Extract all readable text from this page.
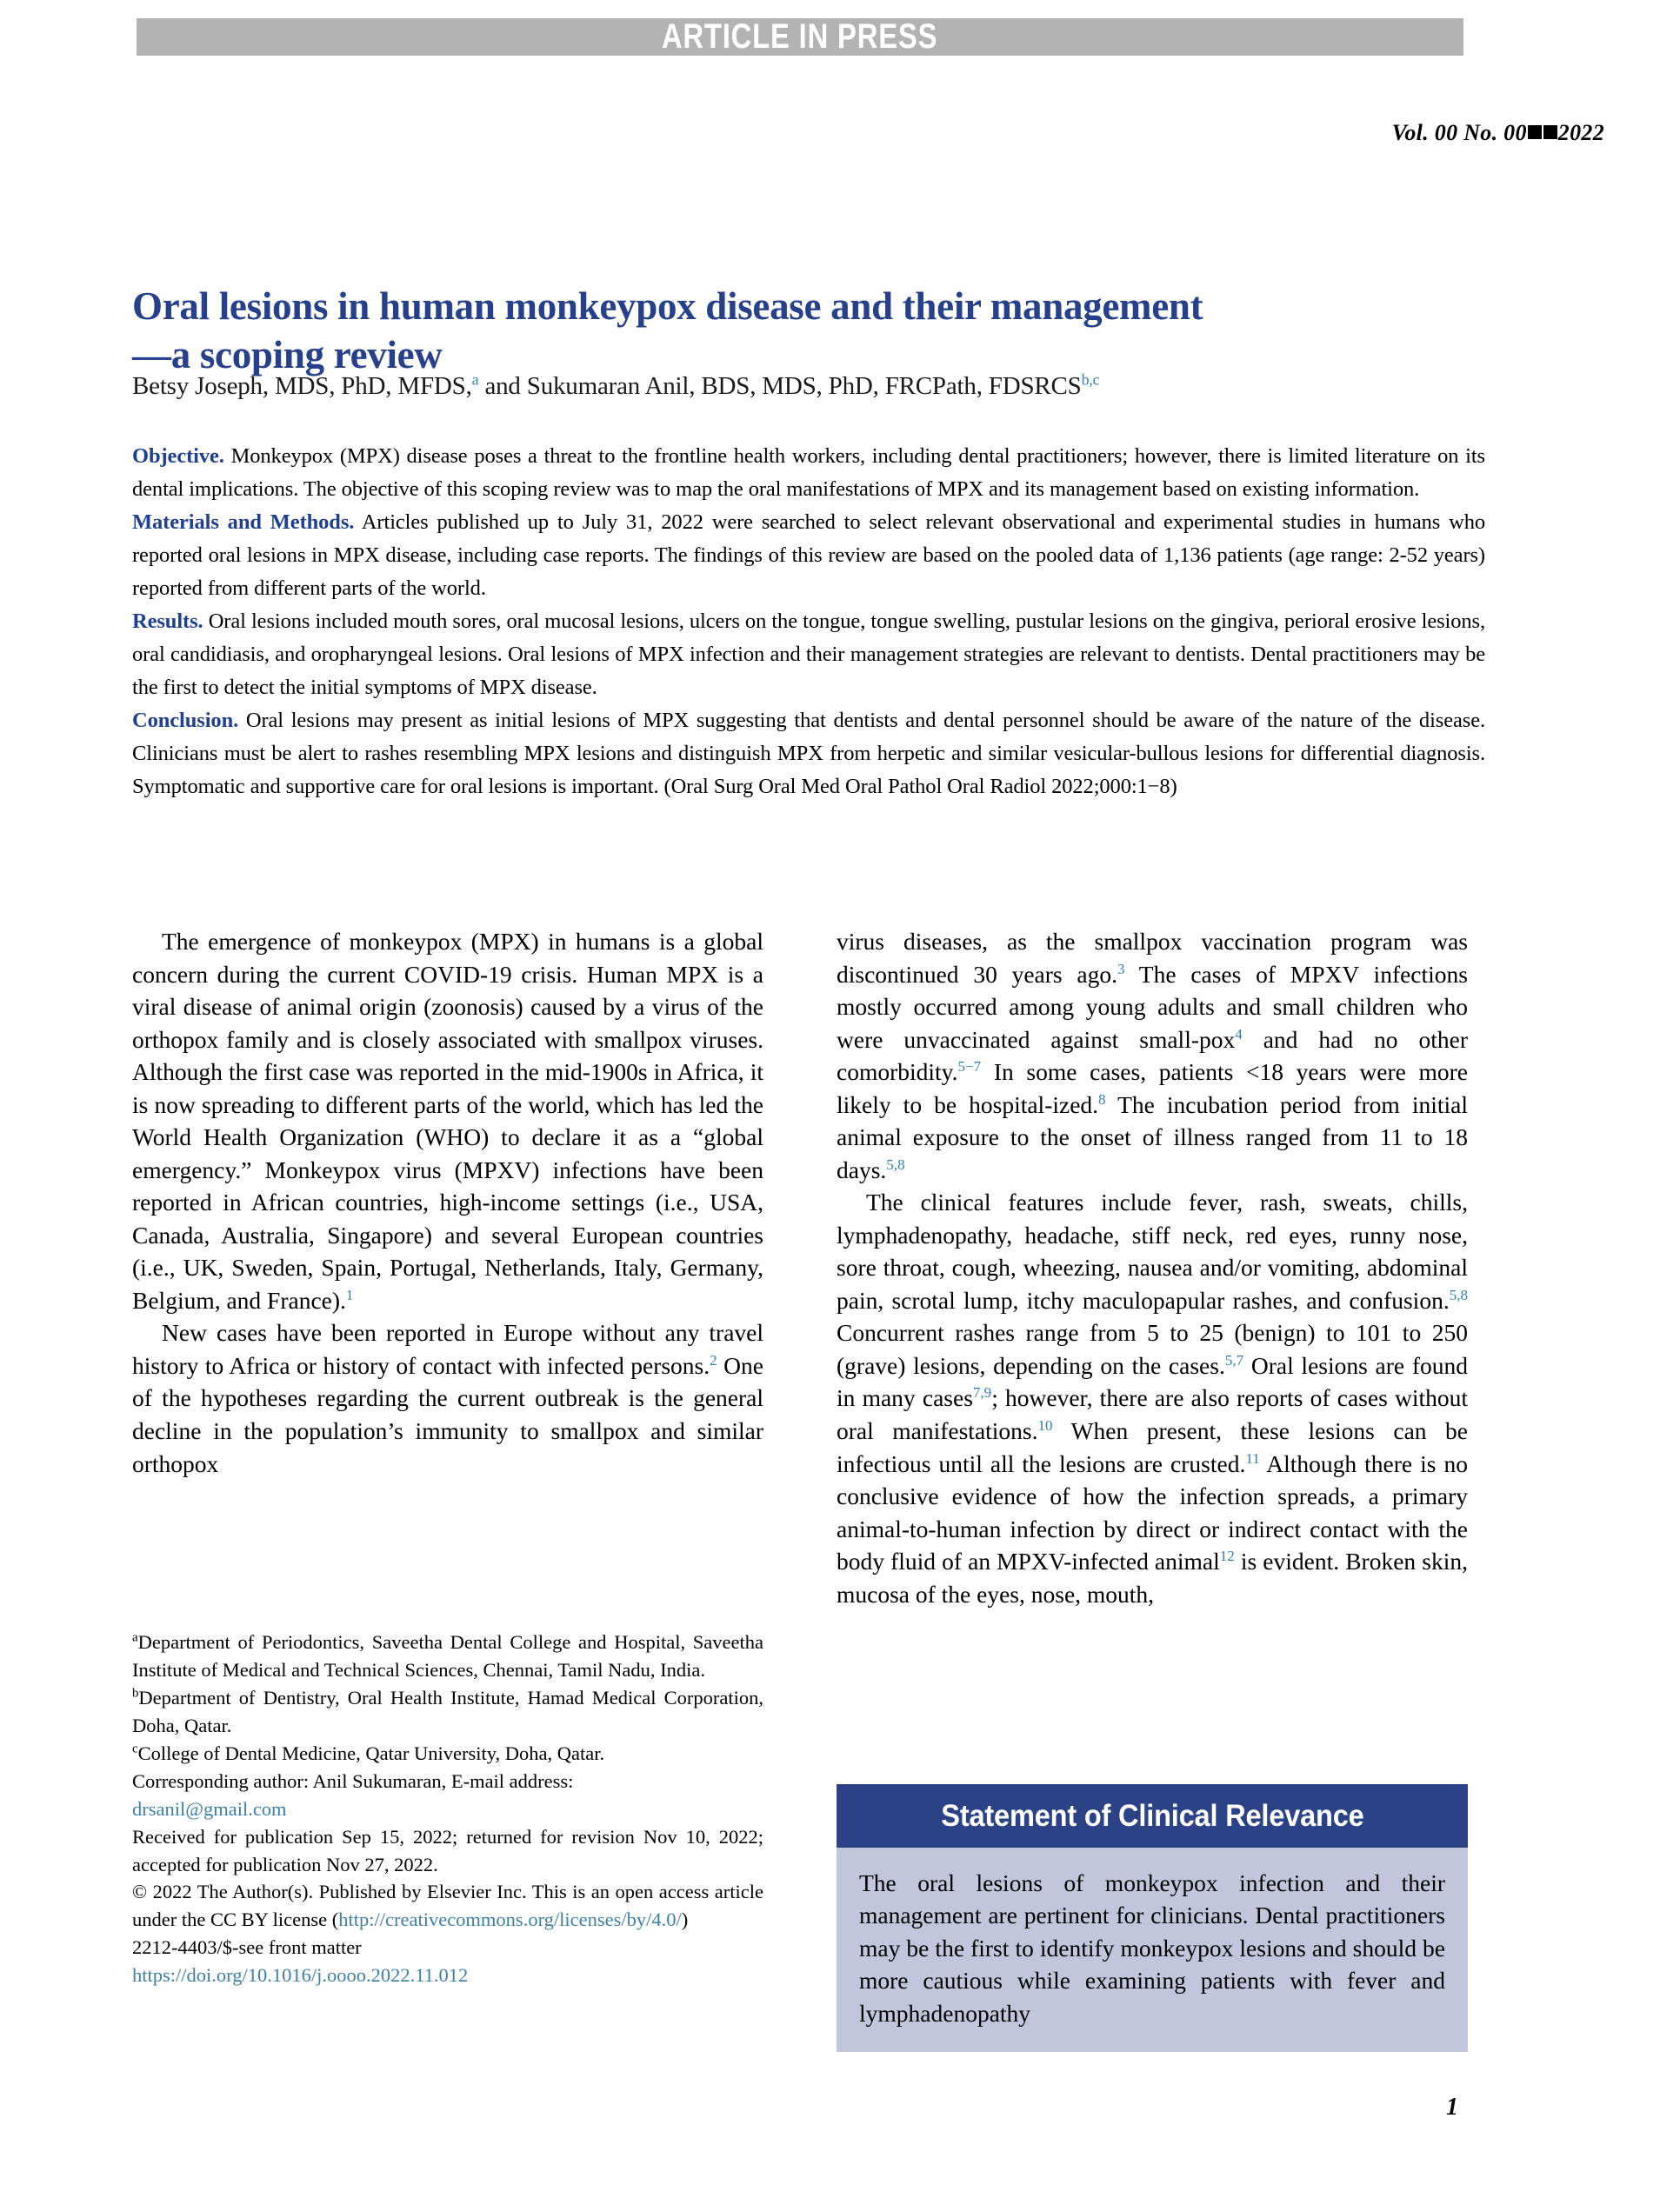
ARTICLE IN PRESS
Vol. 00 No. 00 2022
Oral lesions in human monkeypox disease and their management—a scoping review
Betsy Joseph, MDS, PhD, MFDS,$^a$ and Sukumaran Anil, BDS, MDS, PhD, FRCPath, FDSRCS$^{b,c}$

Objective. Monkeypox (MPX) disease poses a threat to the frontline health workers, including dental practitioners; however, there is limited literature on its dental implications. The objective of this scoping review was to map the oral manifestations of MPX and its management based on existing information.

Materials and Methods. Articles published up to July 31, 2022 were searched to select relevant observational and experimental studies in humans who reported oral lesions in MPX disease, including case reports. The findings of this review are based on the pooled data of 1,136 patients (age range: 2-52 years) reported from different parts of the world.

Results. Oral lesions included mouth sores, oral mucosal lesions, ulcers on the tongue, tongue swelling, pustular lesions on the gingiva, perioral erosive lesions, oral candidiasis, and oropharyngeal lesions. Oral lesions of MPX infection and their management strategies are relevant to dentists. Dental practitioners may be the first to detect the initial symptoms of MPX disease.

Conclusion. Oral lesions may present as initial lesions of MPX suggesting that dentists and dental personnel should be aware of the nature of the disease. Clinicians must be alert to rashes resembling MPX lesions and distinguish MPX from herpetic and similar vesicular-bullous lesions for differential diagnosis. Symptomatic and supportive care for oral lesions is important. (Oral Surg Oral Med Oral Pathol Oral Radiol 2022;000:1−8)

The emergence of monkeypox (MPX) in humans is a global concern during the current COVID-19 crisis. Human MPX is a viral disease of animal origin (zoonosis) caused by a virus of the orthopox family and is closely associated with smallpox viruses. Although the first case was reported in the mid-1900s in Africa, it is now spreading to different parts of the world, which has led the World Health Organization (WHO) to declare it as a “global emergency.” Monkeypox virus (MPXV) infections have been reported in African countries, high-income settings (i.e., USA, Canada, Australia, Singapore) and several European countries (i.e., UK, Sweden, Spain, Portugal, Netherlands, Italy, Germany, Belgium, and France).$^1$

New cases have been reported in Europe without any travel history to Africa or history of contact with infected persons.$^2$ One of the hypotheses regarding the current outbreak is the general decline in the population’s immunity to smallpox and similar orthopox

virus diseases, as the smallpox vaccination program was discontinued 30 years ago.$^3$ The cases of MPXV infections mostly occurred among young adults and small children who were unvaccinated against small-pox$^4$ and had no other comorbidity.$^{5-7}$ In some cases, patients <18 years were more likely to be hospital-ized.$^8$ The incubation period from initial animal exposure to the onset of illness ranged from 11 to 18 days.$^{5,8}$

The clinical features include fever, rash, sweats, chills, lymphadenopathy, headache, stiff neck, red eyes, runny nose, sore throat, cough, wheezing, nausea and/or vomiting, abdominal pain, scrotal lump, itchy maculopapular rashes, and confusion.$^{5,8}$ Concurrent rashes range from 5 to 25 (benign) to 101 to 250 (grave) lesions, depending on the cases.$^{5,7}$ Oral lesions are found in many cases$^{7,9}$; however, there are also reports of cases without oral manifestations.$^{10}$ When present, these lesions can be infectious until all the lesions are crusted.$^{11}$ Although there is no conclusive evidence of how the infection spreads, a primary animal-to-human infection by direct or indirect contact with the body fluid of an MPXV-infected animal$^{12}$ is evident. Broken skin, mucosa of the eyes, nose, mouth,

$^a$Department of Periodontics, Saveetha Dental College and Hospital, Saveetha Institute of Medical and Technical Sciences, Chennai, Tamil Nadu, India.

$^b$Department of Dentistry, Oral Health Institute, Hamad Medical Corporation, Doha, Qatar.

$^c$College of Dental Medicine, Qatar University, Doha, Qatar.

Corresponding author: Anil Sukumaran, E-mail address:

drsanil@gmail.com

Received for publication Sep 15, 2022; returned for revision Nov 10, 2022; accepted for publication Nov 27, 2022.

© 2022 The Author(s). Published by Elsevier Inc. This is an open access article under the CC BY license (http://creativecommons.org/licenses/by/4.0/)

2212-4403/$-see front matter

https://doi.org/10.1016/j.oooo.2022.11.012

Statement of Clinical Relevance

The oral lesions of monkeypox infection and their management are pertinent for clinicians. Dental practitioners may be the first to identify monkeypox lesions and should be more cautious while examining patients with fever and lymphadenopathy

1
